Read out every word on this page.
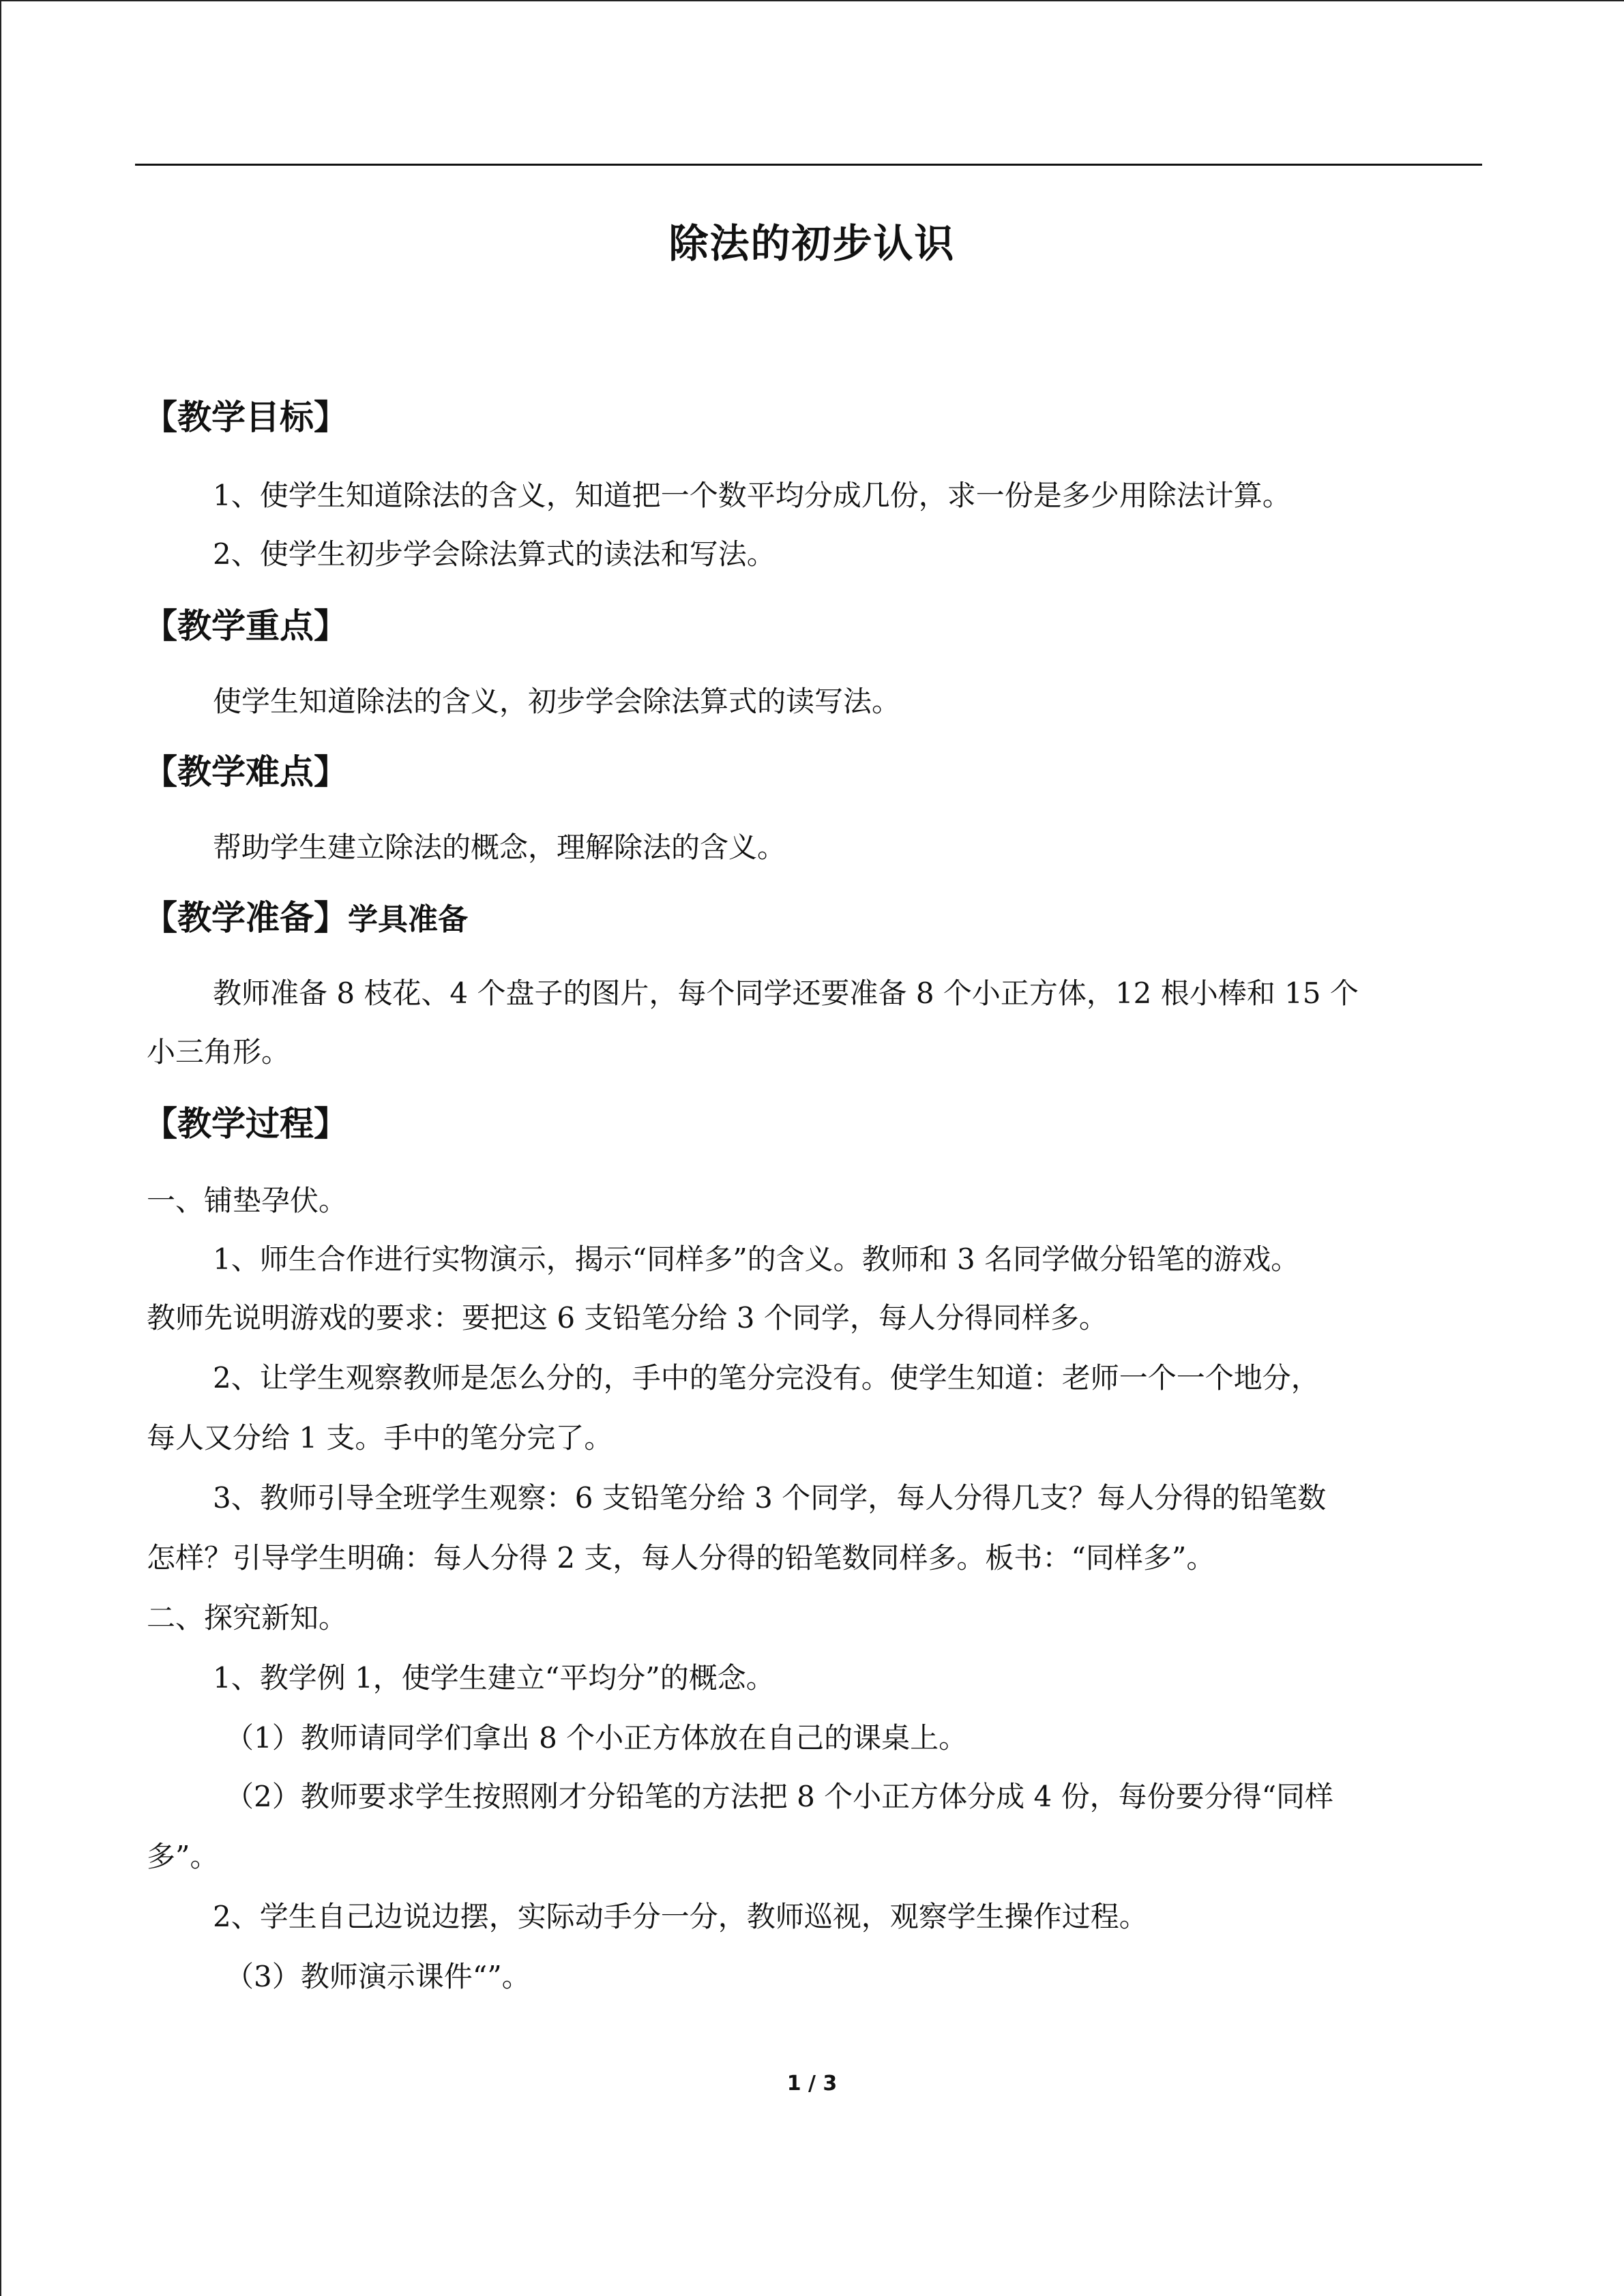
除法的初步认识
【教学目标】
1、使学生知道除法的含义，知道把一个数平均分成几份，求一份是多少用除法计算。
2、使学生初步学会除法算式的读法和写法。
【教学重点】
使学生知道除法的含义，初步学会除法算式的读写法。
【教学难点】
帮助学生建立除法的概念，理解除法的含义。
【教学准备】学具准备
教师准备 8 枝花、4 个盘子的图片，每个同学还要准备 8 个小正方体，12 根小棒和 15 个
小三角形。
【教学过程】
一、铺垫孕伏。
1、师生合作进行实物演示，揭示“同样多”的含义。教师和 3 名同学做分铅笔的游戏。
教师先说明游戏的要求：要把这 6 支铅笔分给 3 个同学，每人分得同样多。
2、让学生观察教师是怎么分的，手中的笔分完没有。使学生知道：老师一个一个地分，
每人又分给 1 支。手中的笔分完了。
3、教师引导全班学生观察：6 支铅笔分给 3 个同学，每人分得几支？每人分得的铅笔数
怎样？引导学生明确：每人分得 2 支，每人分得的铅笔数同样多。板书：“同样多”。
二、探究新知。
1、教学例 1，使学生建立“平均分”的概念。
（1）教师请同学们拿出 8 个小正方体放在自己的课桌上。
（2）教师要求学生按照刚才分铅笔的方法把 8 个小正方体分成 4 份，每份要分得“同样
多”。
2、学生自己边说边摆，实际动手分一分，教师巡视，观察学生操作过程。
（3）教师演示课件“”。
1 / 3
